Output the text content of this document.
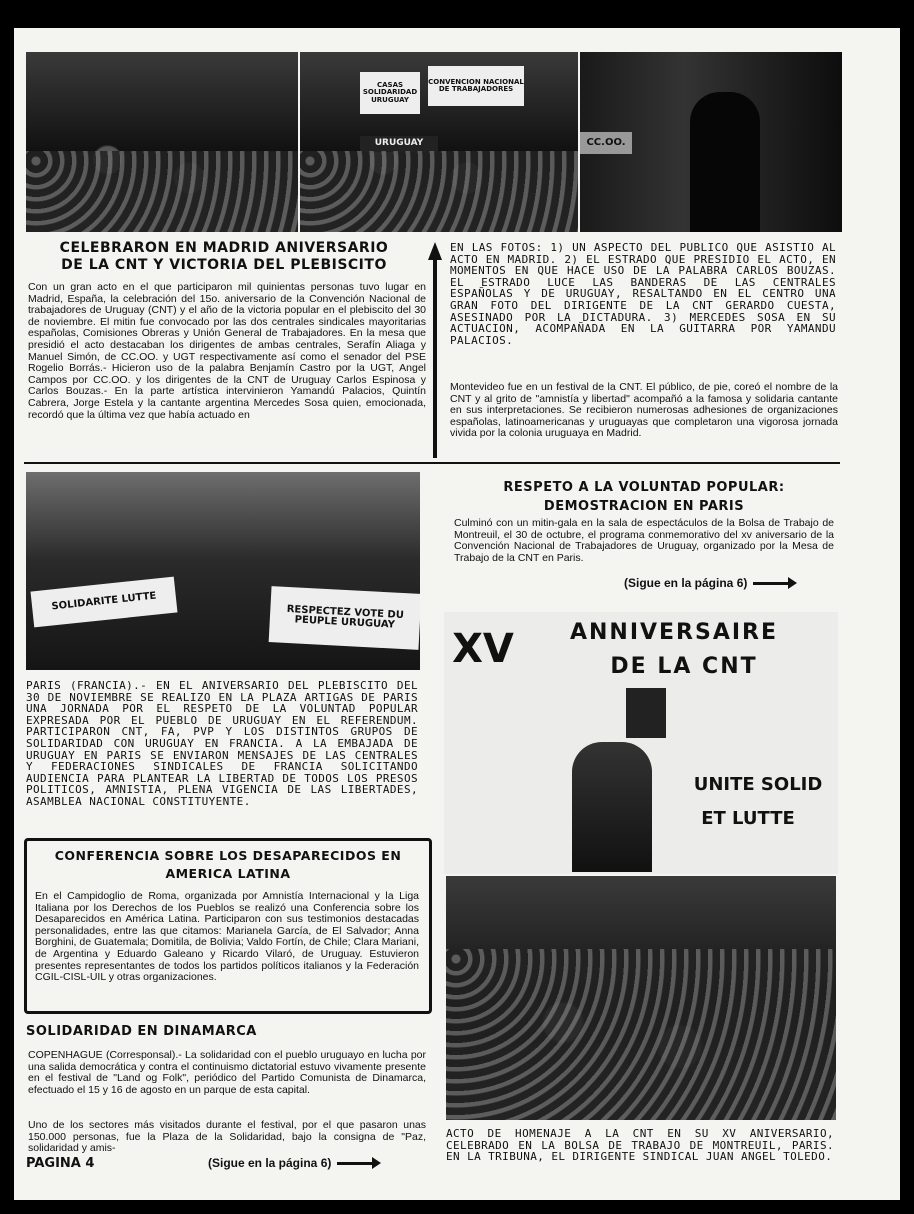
CASAS SOLIDARIDAD URUGUAY
CONVENCION NACIONAL DE TRABAJADORES
URUGUAY	CC.OO.
CELEBRARON EN MADRID ANIVERSARIO
DE LA CNT Y VICTORIA DEL PLEBISCITO
Con un gran acto en el que participaron mil quinientas personas tuvo lugar en Madrid, España, la celebración del 15o. aniversario de la Convención Nacional de trabajadores de Uruguay (CNT) y el año de la victoria popular en el plebiscito del 30 de noviembre. El mitin fue convocado por las dos centrales sindicales mayoritarias españolas, Comisiones Obreras y Unión General de Trabajadores. En la mesa que presidió el acto destacaban los dirigentes de ambas centrales, Serafín Aliaga y Manuel Simón, de CC.OO. y UGT respectivamente así como el senador del PSE Rogelio Borrás.- Hicieron uso de la palabra Benjamín Castro por la UGT, Angel Campos por CC.OO. y los dirigentes de la CNT de Uruguay Carlos Espinosa y Carlos Bouzas.- En la parte artística intervinieron Yamandú Palacios, Quintín Cabrera, Jorge Estela y la cantante argentina Mercedes Sosa quien, emocionada, recordó que la última vez que había actuado en
EN LAS FOTOS: 1) UN ASPECTO DEL PUBLICO QUE ASISTIO AL ACTO EN MADRID. 2) EL ESTRADO QUE PRESIDIO EL ACTO, EN MOMENTOS EN QUE HACE USO DE LA PALABRA CARLOS BOUZAS. EL ESTRADO LUCE LAS BANDERAS DE LAS CENTRALES ESPAÑOLAS Y DE URUGUAY, RESALTANDO EN EL CENTRO UNA GRAN FOTO DEL DIRIGENTE DE LA CNT GERARDO CUESTA, ASESINADO POR LA DICTADURA. 3) MERCEDES SOSA EN SU ACTUACION, ACOMPAÑADA EN LA GUITARRA POR YAMANDU PALACIOS.
Montevideo fue en un festival de la CNT. El público, de pie, coreó el nombre de la CNT y al grito de "amnistía y libertad" acompañó a la famosa y solidaria cantante en sus interpretaciones. Se recibieron numerosas adhesiones de organizaciones españolas, latinoamericanas y uruguayas que completaron una vigorosa jornada vivida por la colonia uruguaya en Madrid.
SOLIDARITE LUTTE	RESPECTEZ VOTE DU PEUPLE URUGUAY
PARIS (FRANCIA).- EN EL ANIVERSARIO DEL PLEBISCITO DEL 30 DE NOVIEMBRE SE REALIZO EN LA PLAZA ARTIGAS DE PARIS UNA JORNADA POR EL RESPETO DE LA VOLUNTAD POPULAR EXPRESADA POR EL PUEBLO DE URUGUAY EN EL REFERENDUM. PARTICIPARON CNT, FA, PVP Y LOS DISTINTOS GRUPOS DE SOLIDARIDAD CON URUGUAY EN FRANCIA. A LA EMBAJADA DE URUGUAY EN PARIS SE ENVIARON MENSAJES DE LAS CENTRALES Y FEDERACIONES SINDICALES DE FRANCIA SOLICITANDO AUDIENCIA PARA PLANTEAR LA LIBERTAD DE TODOS LOS PRESOS POLITICOS, AMNISTIA, PLENA VIGENCIA DE LAS LIBERTADES, ASAMBLEA NACIONAL CONSTITUYENTE.
RESPETO A LA VOLUNTAD POPULAR:
DEMOSTRACION EN PARIS
Culminó con un mitin-gala en la sala de espectáculos de la Bolsa de Trabajo de Montreuil, el 30 de octubre, el programa conmemorativo del xv aniversario de la Convención Nacional de Trabajadores de Uruguay, organizado por la Mesa de Trabajo de la CNT en Paris.
(Sigue en la página 6)
XV	ANNIVERSAIRE
DE LA CNT
UNITE SOLID
ET LUTTE
CONFERENCIA SOBRE LOS DESAPARECIDOS EN
AMERICA LATINA
En el Campidoglio de Roma, organizada por Amnistía Internacional y la Liga Italiana por los Derechos de los Pueblos se realizó una Conferencia sobre los Desaparecidos en América Latina. Participaron con sus testimonios destacadas personalidades, entre las que citamos: Marianela García, de El Salvador; Anna Borghini, de Guatemala; Domitila, de Bolivia; Valdo Fortín, de Chile; Clara Mariani, de Argentina y Eduardo Galeano y Ricardo Vilaró, de Uruguay. Estuvieron presentes representantes de todos los partidos políticos italianos y la Federación CGIL-CISL-UIL y otras organizaciones.
ACTO DE HOMENAJE A LA CNT EN SU XV ANIVERSARIO, CELEBRADO EN LA BOLSA DE TRABAJO DE MONTREUIL, PARIS. EN LA TRIBUNA, EL DIRIGENTE SINDICAL JUAN ANGEL TOLEDO.
SOLIDARIDAD EN DINAMARCA
COPENHAGUE (Corresponsal).- La solidaridad con el pueblo uruguayo en lucha por una salida democrática y contra el continuismo dictatorial estuvo vivamente presente en el festival de "Land og Folk", periódico del Partido Comunista de Dinamarca, efectuado el 15 y 16 de agosto en un parque de esta capital.
Uno de los sectores más visitados durante el festival, por el que pasaron unas 150.000 personas, fue la Plaza de la Solidaridad, bajo la consigna de "Paz, solidaridad y amis-
PAGINA 4	(Sigue en la página 6)
